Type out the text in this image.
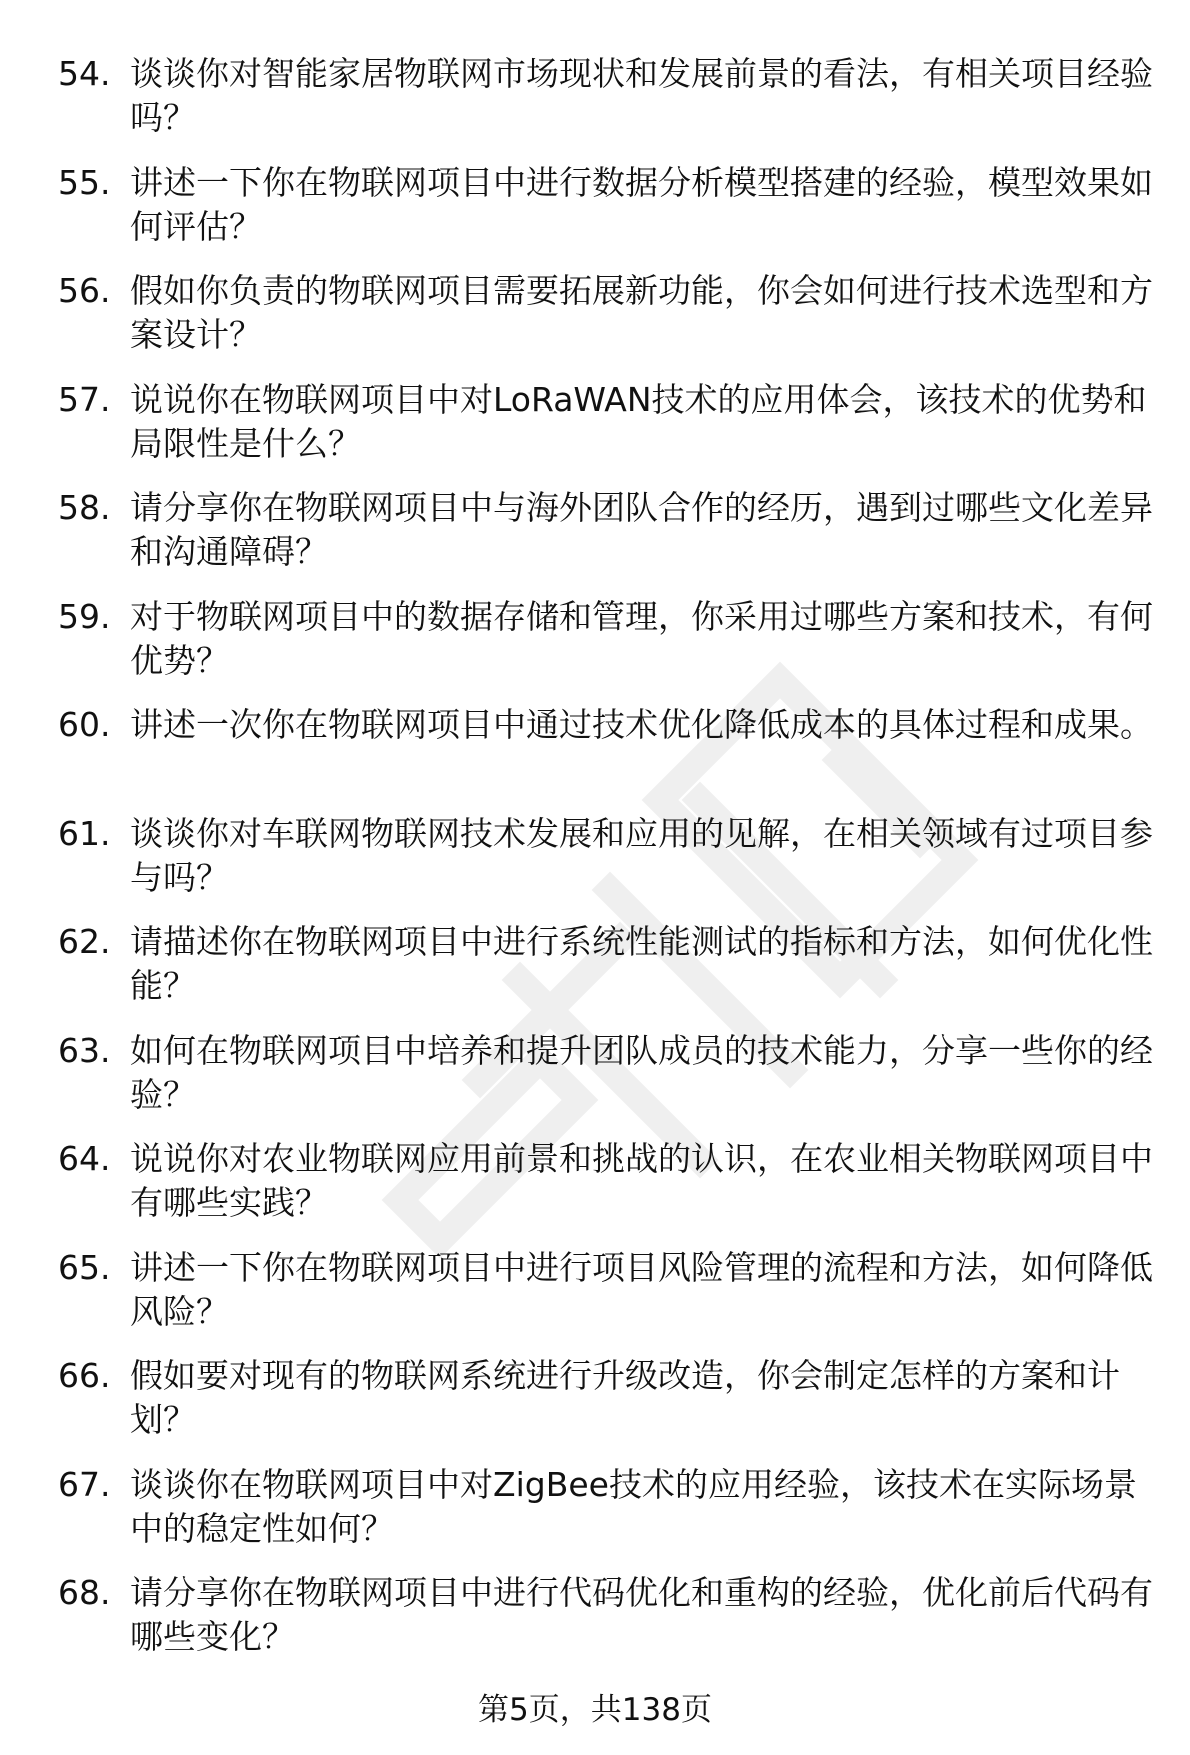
54. 谈谈你对智能家居物联网市场现状和发展前景的看法，有相关项目经验吗？
55. 讲述一下你在物联网项目中进行数据分析模型搭建的经验，模型效果如何评估？
56. 假如你负责的物联网项目需要拓展新功能，你会如何进行技术选型和方案设计？
57. 说说你在物联网项目中对LoRaWAN技术的应用体会，该技术的优势和局限性是什么？
58. 请分享你在物联网项目中与海外团队合作的经历，遇到过哪些文化差异和沟通障碍？
59. 对于物联网项目中的数据存储和管理，你采用过哪些方案和技术，有何优势？
60. 讲述一次你在物联网项目中通过技术优化降低成本的具体过程和成果。
61. 谈谈你对车联网物联网技术发展和应用的见解，在相关领域有过项目参与吗？
62. 请描述你在物联网项目中进行系统性能测试的指标和方法，如何优化性能？
63. 如何在物联网项目中培养和提升团队成员的技术能力，分享一些你的经验？
64. 说说你对农业物联网应用前景和挑战的认识，在农业相关物联网项目中有哪些实践？
65. 讲述一下你在物联网项目中进行项目风险管理的流程和方法，如何降低风险？
66. 假如要对现有的物联网系统进行升级改造，你会制定怎样的方案和计划？
67. 谈谈你在物联网项目中对ZigBee技术的应用经验，该技术在实际场景中的稳定性如何？
68. 请分享你在物联网项目中进行代码优化和重构的经验，优化前后代码有哪些变化？
第5页，共138页
